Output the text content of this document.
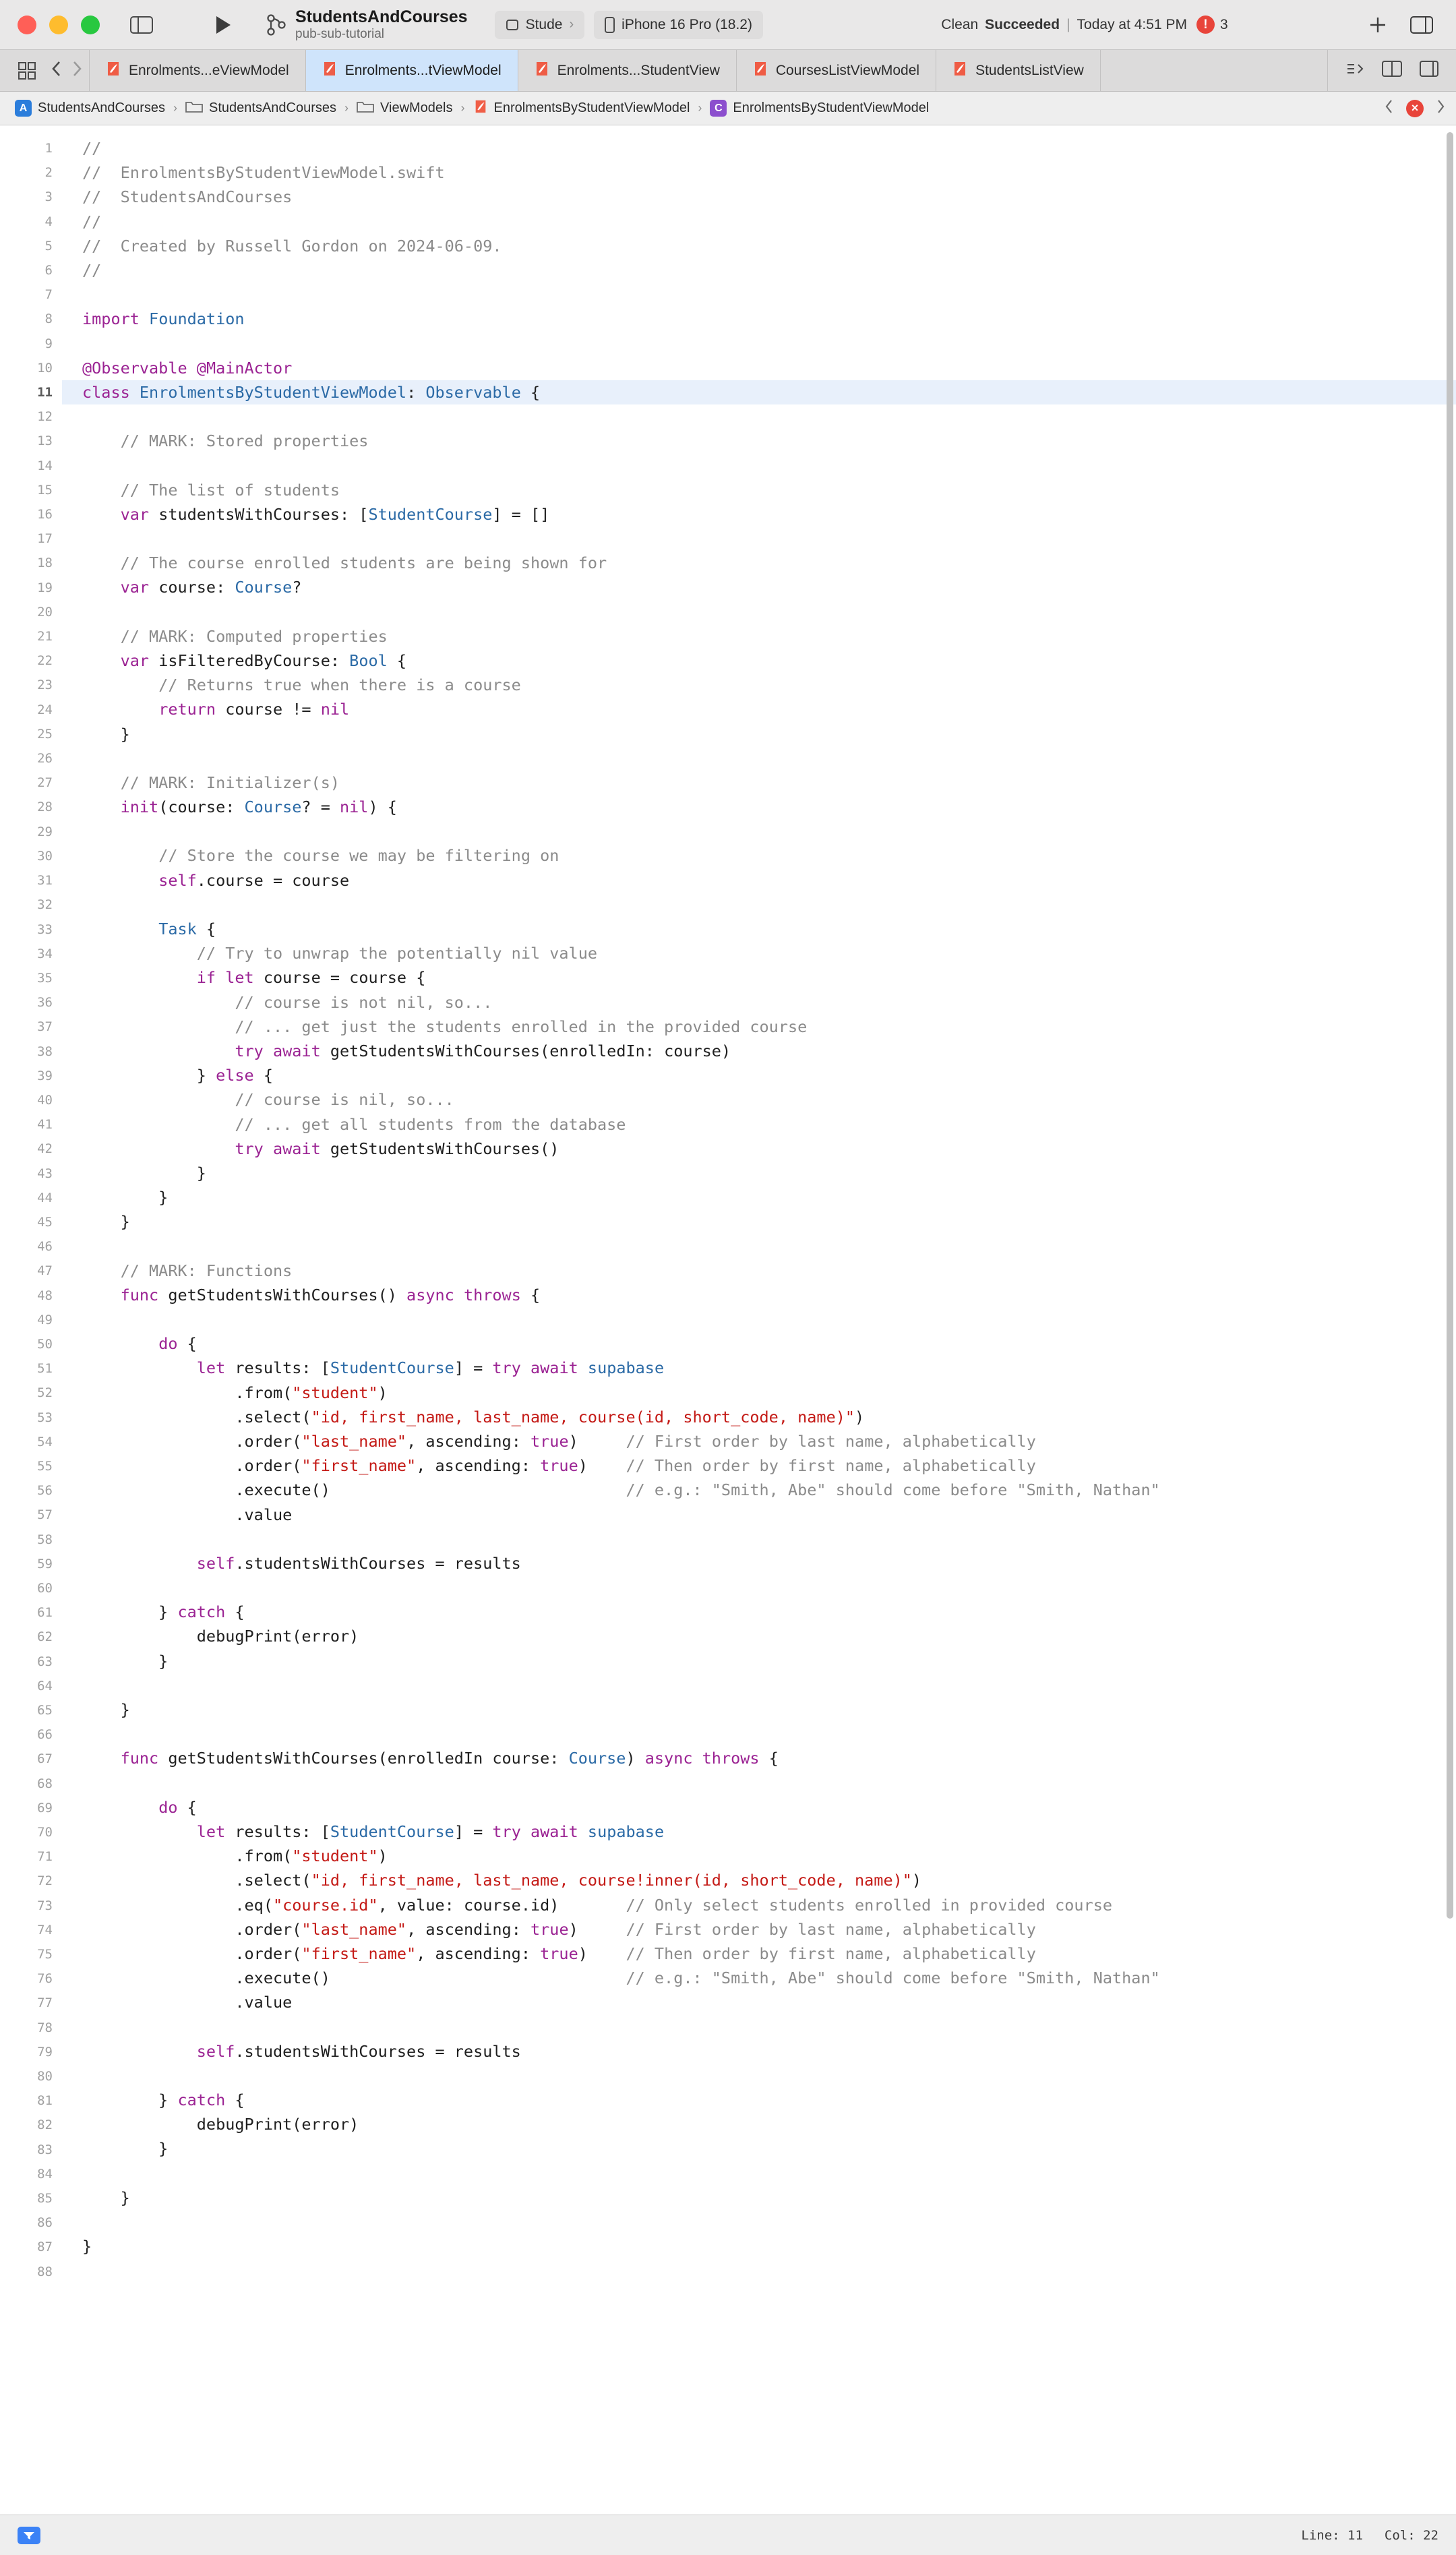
StudentsAndCourses
pub-sub-tutorial
Stude ›	iPhone 16 Pro (18.2)	Clean Succeeded | Today at 4:51 PM	! 3
Enrolments...eViewModel	Enrolments...tViewModel	Enrolments...StudentView	CoursesListViewModel	StudentsListView
A StudentsAndCourses › StudentsAndCourses › ViewModels › EnrolmentsByStudentViewModel ›	C EnrolmentsByStudentViewModel	×
1
2
3
4
5
6
7
8
9
10
11
12
13
14
15
16
17
18
19
20
21
22
23
24
25
26
27
28
29
30
31
32
33
34
35
36
37
38
39
40
41
42
43
44
45
46
47
48
49
50
51
52
53
54
55
56
57
58
59
60
61
62
63
64
65
66
67
68
69
70
71
72
73
74
75
76
77
78
79
80
81
82
83
84
85
86
87
88
//
//  EnrolmentsByStudentViewModel.swift
//  StudentsAndCourses
//
//  Created by Russell Gordon on 2024-06-09.
//

import Foundation

@Observable @MainActor
class EnrolmentsByStudentViewModel: Observable {

// MARK: Stored properties

// The list of students
var studentsWithCourses: [StudentCourse] = []

// The course enrolled students are being shown for
var course: Course?

// MARK: Computed properties
var isFilteredByCourse: Bool {
// Returns true when there is a course
return course != nil
}

// MARK: Initializer(s)
init(course: Course? = nil) {

// Store the course we may be filtering on
self.course = course

Task {
// Try to unwrap the potentially nil value
if let course = course {
// course is not nil, so...
// ... get just the students enrolled in the provided course
try await getStudentsWithCourses(enrolledIn: course)
} else {
// course is nil, so...
// ... get all students from the database
try await getStudentsWithCourses()
}
}
}

// MARK: Functions
func getStudentsWithCourses() async throws {

do {
let results: [StudentCourse] = try await supabase
.from("student")
.select("id, first_name, last_name, course(id, short_code, name)")
.order("last_name", ascending: true)     // First order by last name, alphabetically
.order("first_name", ascending: true)    // Then order by first name, alphabetically
.execute()                               // e.g.: "Smith, Abe" should come before "Smith, Nathan"
.value

self.studentsWithCourses = results

} catch {
debugPrint(error)
}

}

func getStudentsWithCourses(enrolledIn course: Course) async throws {

do {
let results: [StudentCourse] = try await supabase
.from("student")
.select("id, first_name, last_name, course!inner(id, short_code, name)")
.eq("course.id", value: course.id)       // Only select students enrolled in provided course
.order("last_name", ascending: true)     // First order by last name, alphabetically
.order("first_name", ascending: true)    // Then order by first name, alphabetically
.execute()                               // e.g.: "Smith, Abe" should come before "Smith, Nathan"
.value

self.studentsWithCourses = results

} catch {
debugPrint(error)
}

}

}

Line: 11 Col: 22
